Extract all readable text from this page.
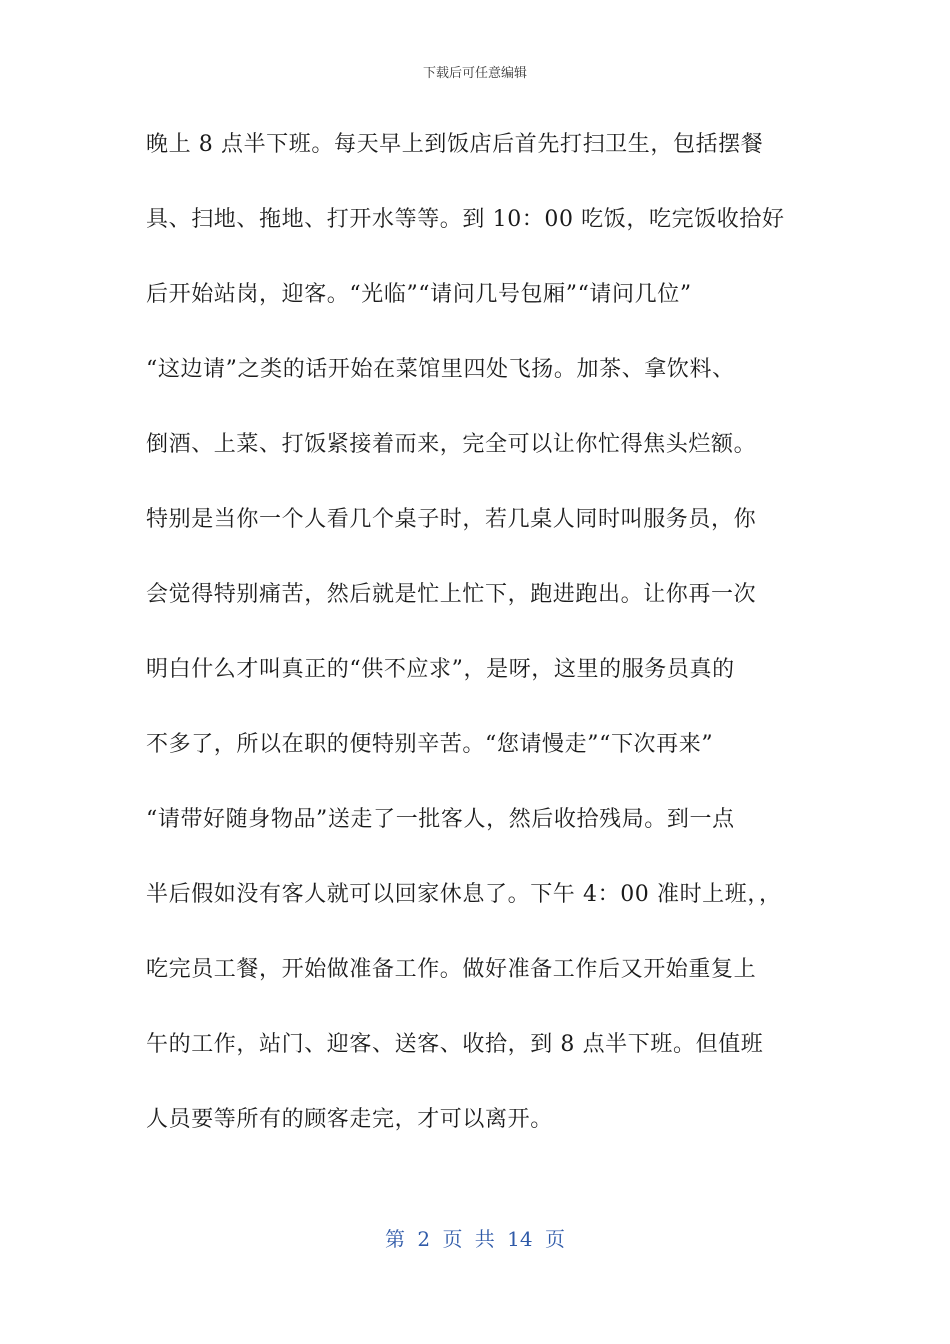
下载后可任意编辑
晚上 8 点半下班。每天早上到饭店后首先打扫卫生，包括摆餐
具、扫地、拖地、打开水等等。到 10：00 吃饭，吃完饭收拾好
后开始站岗，迎客。“光临”“请问几号包厢”“请问几位”
“这边请”之类的话开始在菜馆里四处飞扬。加茶、拿饮料、
倒酒、上菜、打饭紧接着而来，完全可以让你忙得焦头烂额。
特别是当你一个人看几个桌子时，若几桌人同时叫服务员，你
会觉得特别痛苦，然后就是忙上忙下，跑进跑出。让你再一次
明白什么才叫真正的“供不应求”，是呀，这里的服务员真的
不多了，所以在职的便特别辛苦。“您请慢走”“下次再来”
“请带好随身物品”送走了一批客人，然后收拾残局。到一点
半后假如没有客人就可以回家休息了。下午 4：00 准时上班，，
吃完员工餐，开始做准备工作。做好准备工作后又开始重复上
午的工作，站门、迎客、送客、收拾，到 8 点半下班。但值班
人员要等所有的顾客走完，才可以离开。
第 2 页 共 14 页
